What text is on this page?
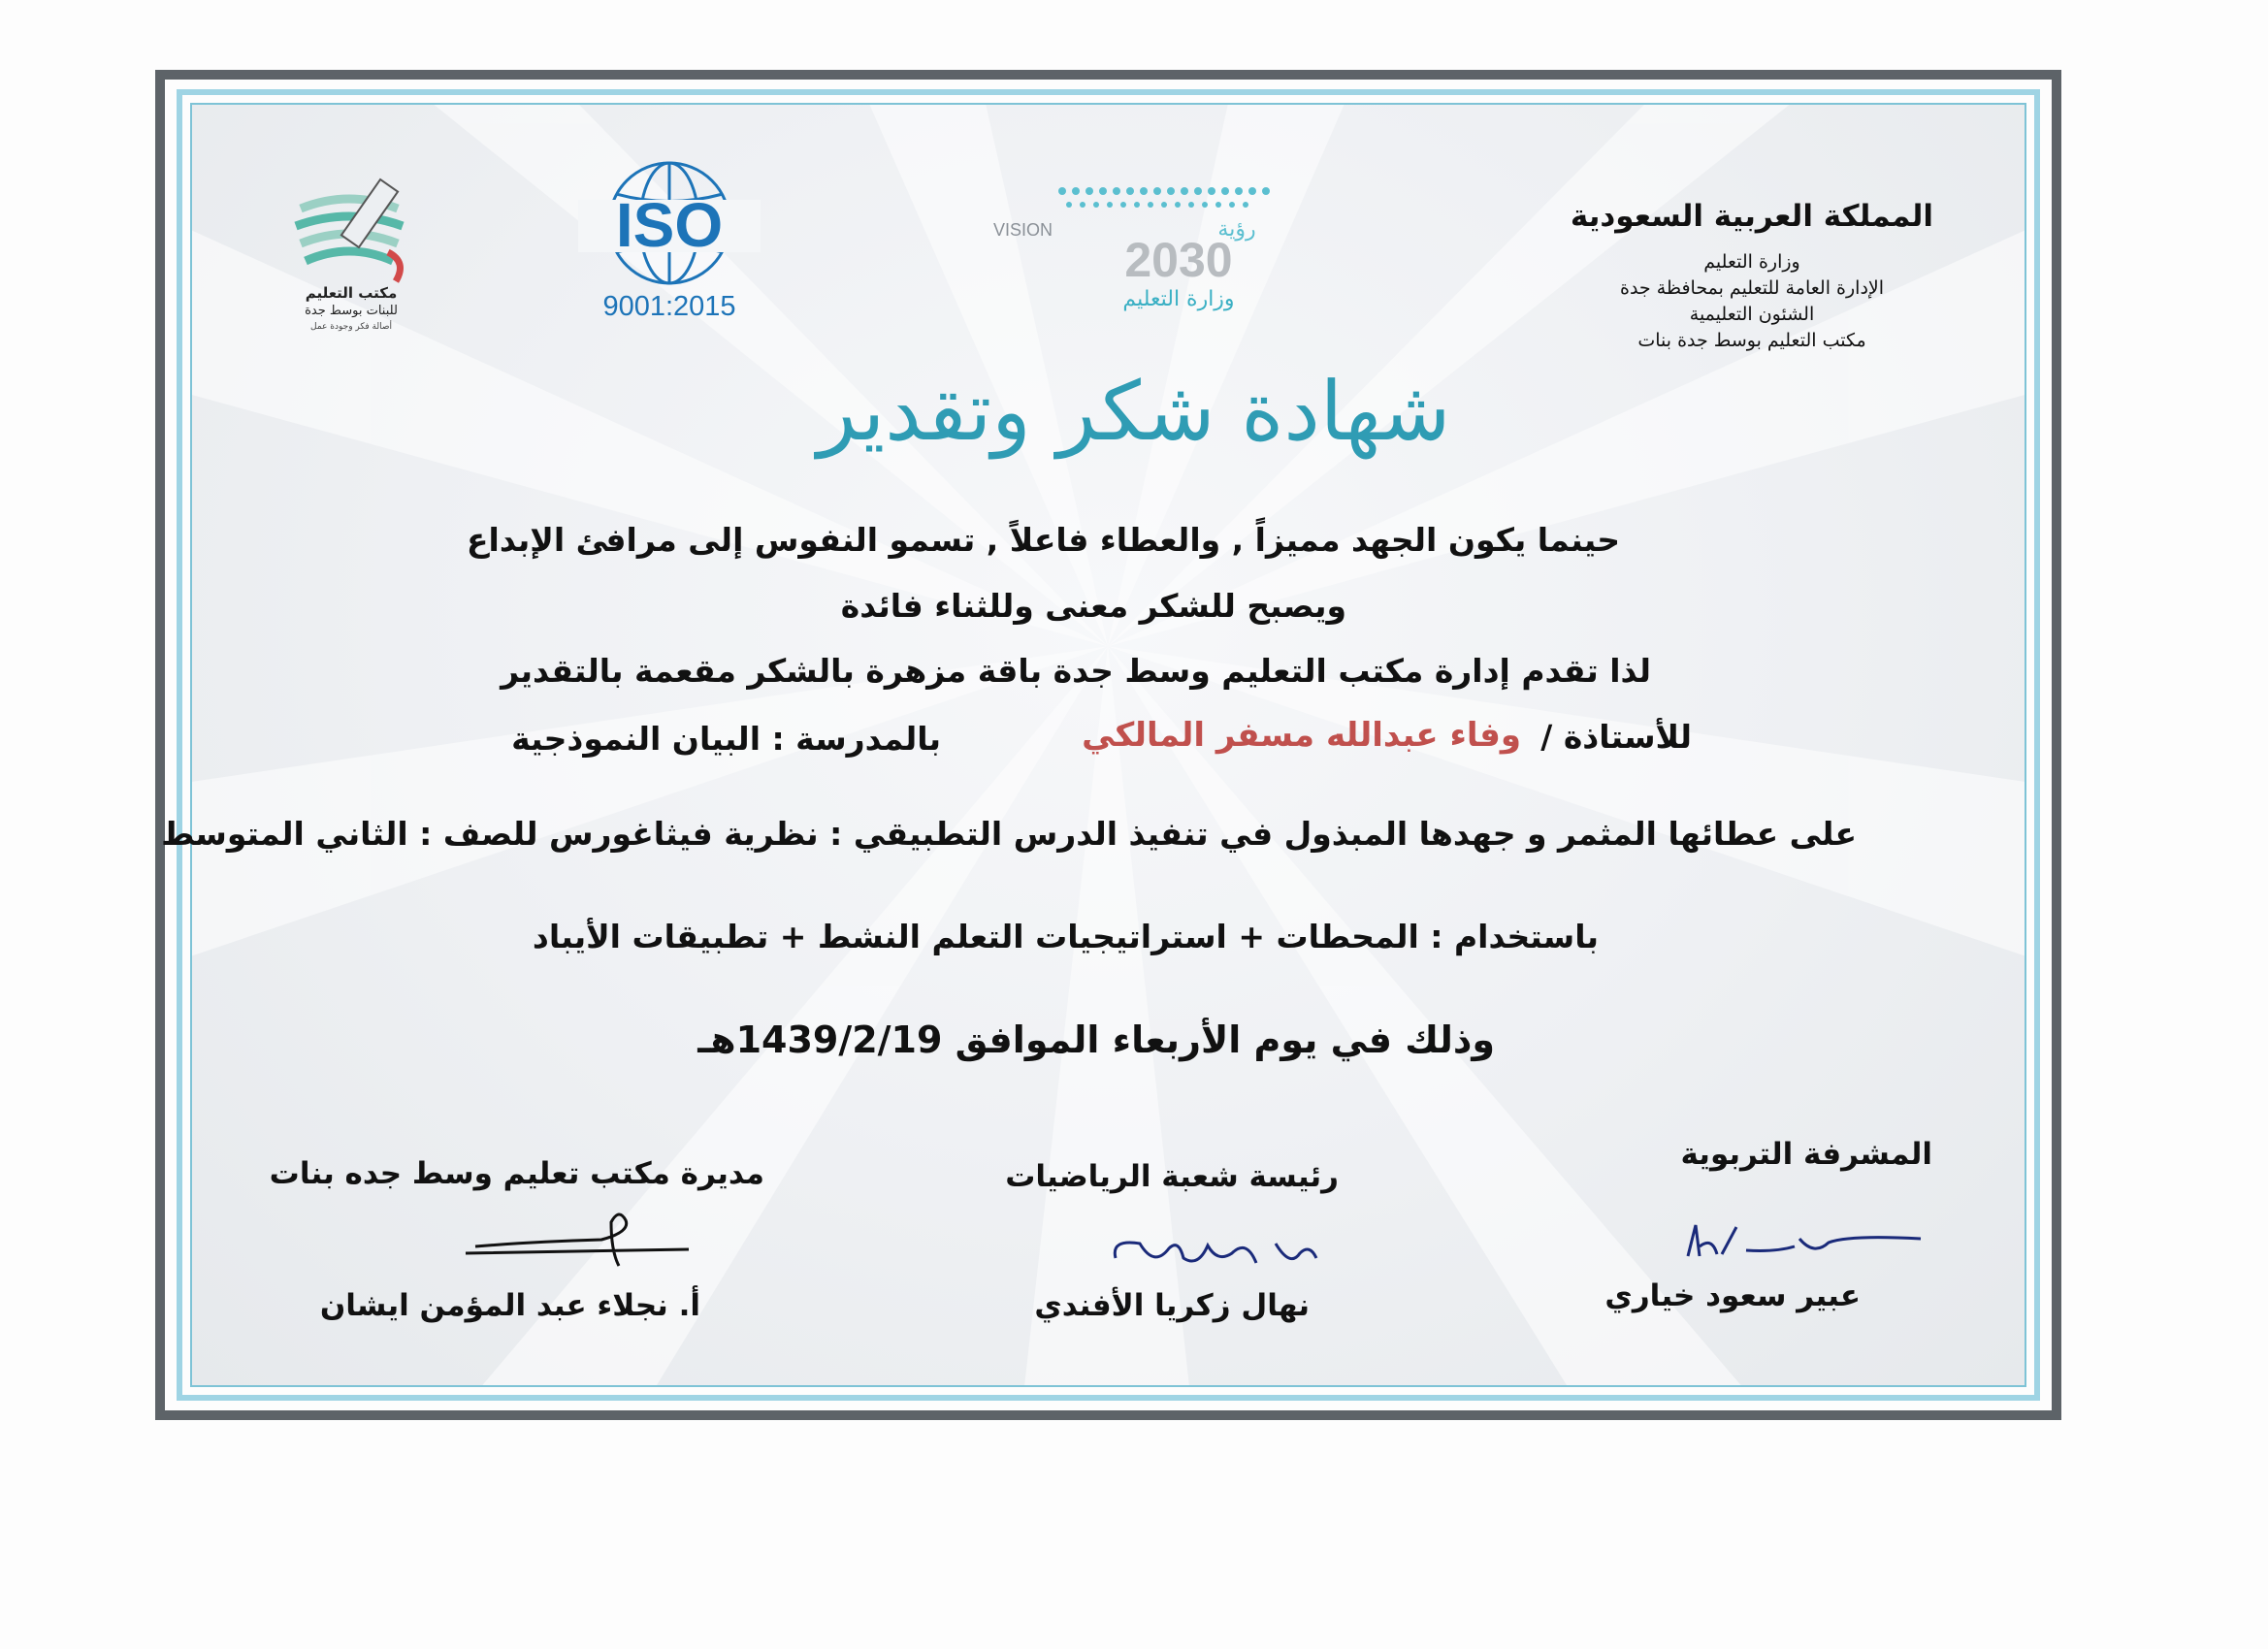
المملكة العربية السعودية
وزارة التعليم
الإدارة العامة للتعليم بمحافظة جدة
الشئون التعليمية
مكتب التعليم بوسط جدة بنات
VISION	رؤية
2030
وزارة التعليم
ISO
9001:2015
مكتب التعليم
للبنات بوسط جدة
أصالة فكر وجودة عمل
شهادة شكر وتقدير
حينما يكون الجهد مميزاً , والعطاء فاعلاً , تسمو النفوس إلى مرافئ الإبداع
ويصبح للشكر معنى وللثناء فائدة
لذا تقدم إدارة مكتب التعليم وسط جدة باقة مزهرة بالشكر مقعمة بالتقدير
للأستاذة /
وفاء عبدالله مسفر المالكي
بالمدرسة : البيان النموذجية
على عطائها المثمر و جهدها المبذول في تنفيذ الدرس التطبيقي : نظرية فيثاغورس للصف : الثاني المتوسط
باستخدام : المحطات + استراتيجيات التعلم النشط + تطبيقات الأيباد
وذلك في يوم الأربعاء الموافق 1439/2/19هـ
المشرفة التربوية
عبير سعود خياري
رئيسة شعبة الرياضيات
نهال زكريا الأفندي
مديرة مكتب تعليم وسط جده بنات
أ. نجلاء عبد المؤمن ايشان
